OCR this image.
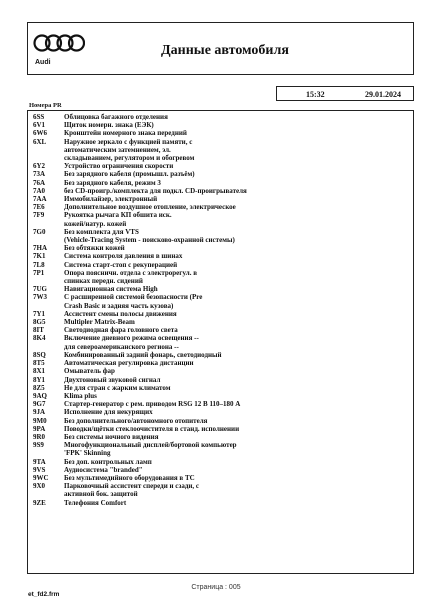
Audi
Данные автомобиля
15:32	29.01.2024
Номера PR
6SS	Облицовка багажного отделения
6V1	Щиток номерн. знака (ЕЭК)
6W6	Кронштейн номерного знака передний
6XL	Наружное зеркало с функцией памяти, с
автоматическим затемнением, эл.
складыванием, регулятором и обогревом
6Y2	Устройство ограничения скорости
73A	Без зарядного кабеля (промышл. разъём)
76A	Без зарядного кабеля, режим 3
7A0	без CD-проигр./комплекта для подкл. CD-проигрывателя
7AA	Иммобилайзер, электронный
7E6	Дополнительное воздушное отопление, электрическое
7F9	Рукоятка рычага КП обшита иск.
кожей/натур. кожей
7G0	Без комплекта для VTS
(Vehicle-Tracing System - поисково-охранной системы)
7HA	Без обтяжки кожей
7K1	Система контроля давления в шинах
7L8	Система старт-стоп с рекуперацией
7P1	Опора поясничн. отдела с электрорегул. в
спинках передн. сидений
7UG	Навигационная система High
7W3	С расширенной системой безопасности (Pre
Crash Basic и задняя часть кузова)
7Y1	Ассистент смены полосы движения
8G5	Multipler Matrix-Beam
8IT	Светодиодная фара головного света
8K4	Включение дневного режима освещения --
для североамериканского региона --
8SQ	Комбинированный задний фонарь, светодиодный
8T5	Автоматическая регулировка дистанции
8X1	Омыватель фар
8Y1	Двухтоновый звуковой сигнал
8Z5	Не для стран с жарким климатом
9AQ	Klima plus
9G7	Стартер-генератор с рем. приводом RSG 12 В 110–180 А
9JA	Исполнение для некурящих
9M0	Без дополнительного/автономного отопителя
9PA	Поводки/щётки стеклоочистителя в станд. исполнении
9R0	Без системы ночного видения
9S9	Многофункциональный дисплей/бортовой компьютер
'FPK' Skinning
9TA	Без доп. контрольных ламп
9VS	Аудиосистема "branded"
9WC	Без мультимедийного оборудования в ТС
9X0	Парковочный ассистент спереди и сзади, с
активной бок. защитой
9ZE	Телефония Comfort
Страница : 005
et_fd2.frm
